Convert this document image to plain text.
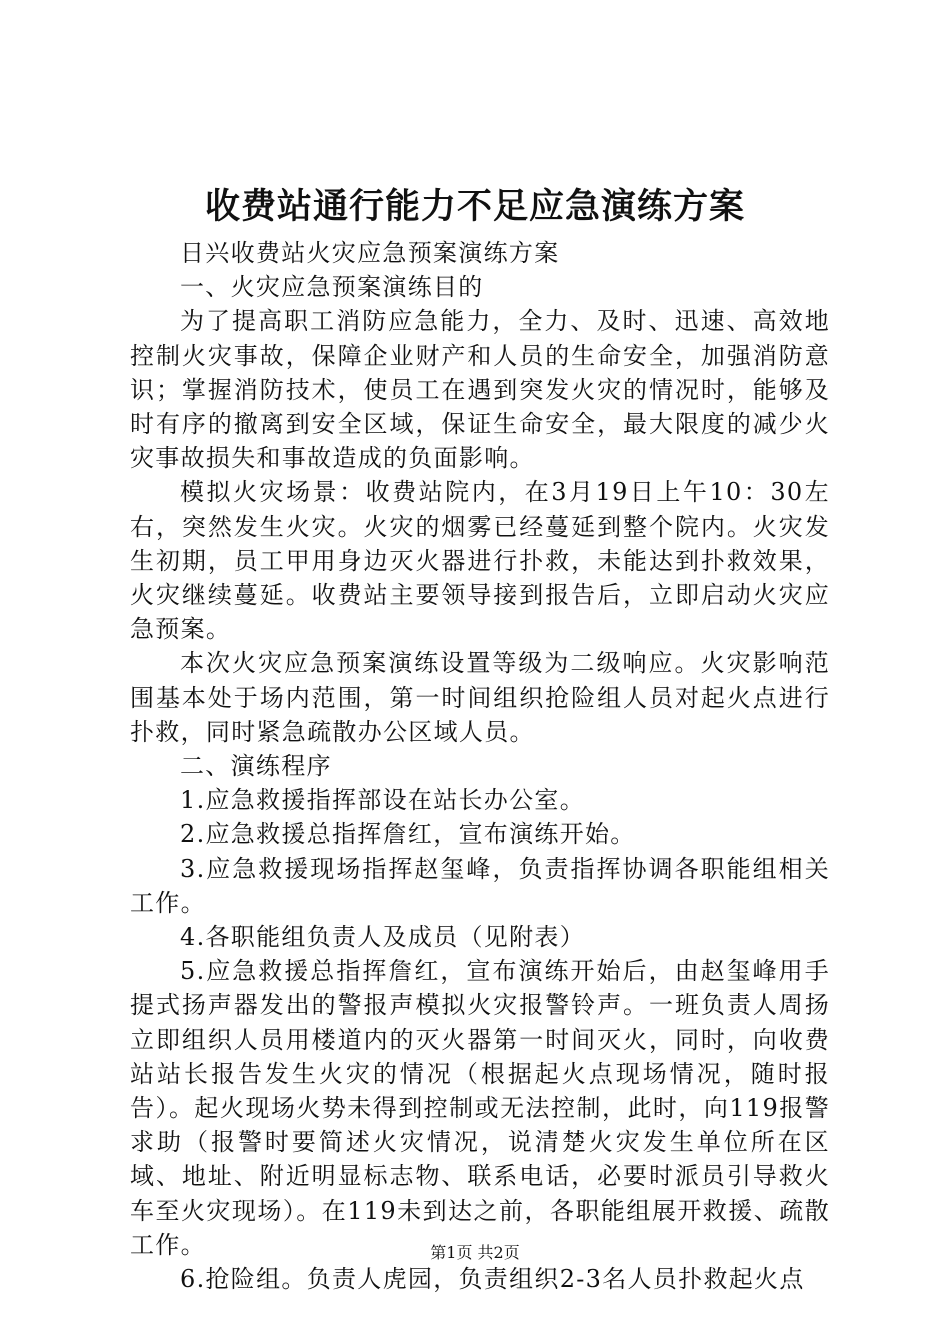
收费站通行能力不足应急演练方案

日兴收费站火灾应急预案演练方案

一、火灾应急预案演练目的

为了提高职工消防应急能力，全力、及时、迅速、高效地控制火灾事故，保障企业财产和人员的生命安全，加强消防意识；掌握消防技术，使员工在遇到突发火灾的情况时，能够及时有序的撤离到安全区域，保证生命安全，最大限度的减少火灾事故损失和事故造成的负面影响。

模拟火灾场景：收费站院内，在3月19日上午10：30左右，突然发生火灾。火灾的烟雾已经蔓延到整个院内。火灾发生初期，员工甲用身边灭火器进行扑救，未能达到扑救效果，火灾继续蔓延。收费站主要领导接到报告后，立即启动火灾应急预案。

本次火灾应急预案演练设置等级为二级响应。火灾影响范围基本处于场内范围，第一时间组织抢险组人员对起火点进行扑救，同时紧急疏散办公区域人员。

二、演练程序

1.应急救援指挥部设在站长办公室。

2.应急救援总指挥詹红，宣布演练开始。

3.应急救援现场指挥赵玺峰，负责指挥协调各职能组相关工作。

4.各职能组负责人及成员（见附表）

5.应急救援总指挥詹红，宣布演练开始后，由赵玺峰用手提式扬声器发出的警报声模拟火灾报警铃声。一班负责人周扬立即组织人员用楼道内的灭火器第一时间灭火，同时，向收费站站长报告发生火灾的情况（根据起火点现场情况，随时报告）。起火现场火势未得到控制或无法控制，此时，向119报警求助（报警时要简述火灾情况，说清楚火灾发生单位所在区域、地址、附近明显标志物、联系电话，必要时派员引导救火车至火灾现场）。在119未到达之前，各职能组展开救援、疏散工作。

6.抢险组。负责人虎园，负责组织2-3名人员扑救起火点

第1页 共2页
